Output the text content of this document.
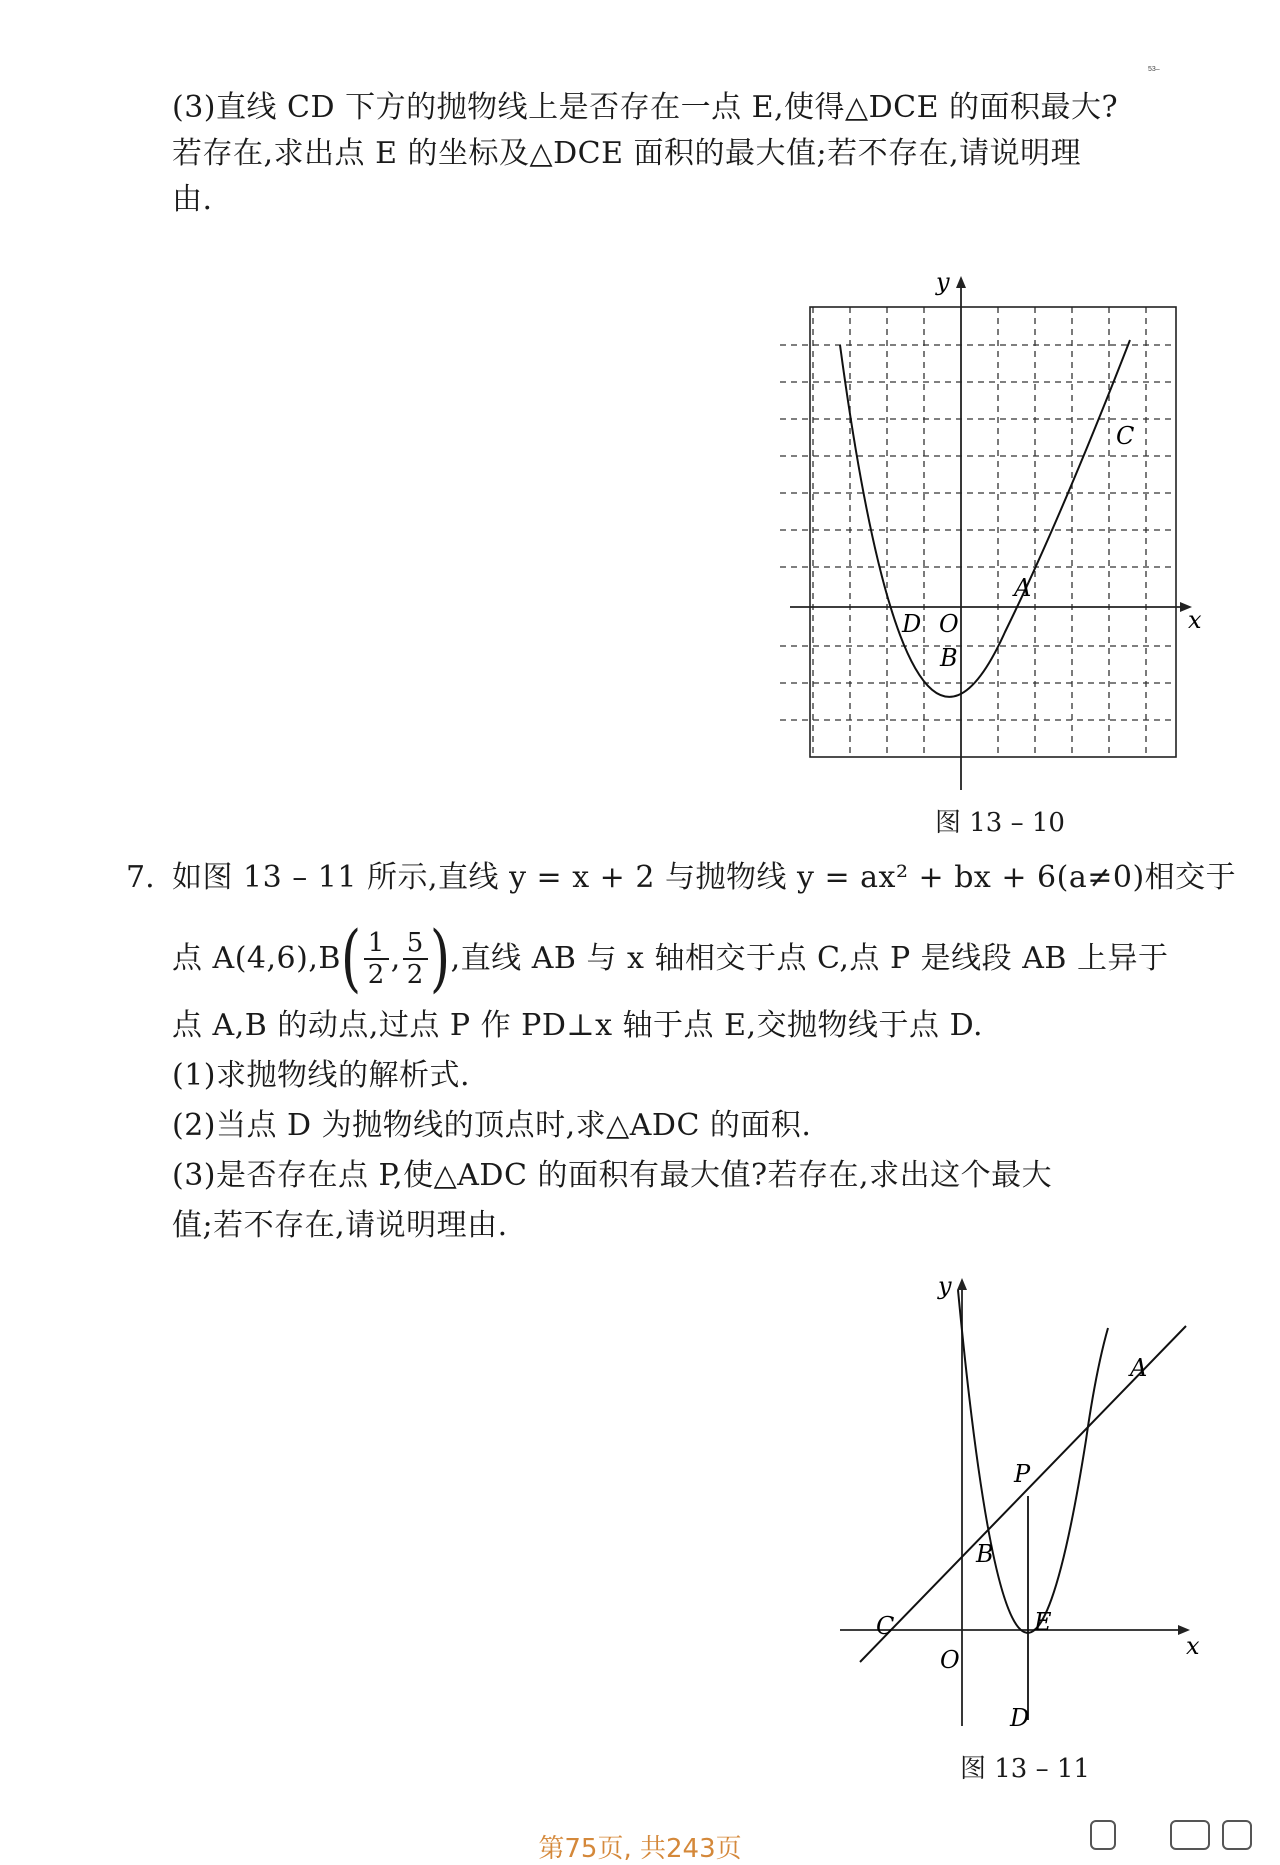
53–
(3)直线 CD 下方的抛物线上是否存在一点 E,使得△DCE 的面积最大?
若存在,求出点 E 的坐标及△DCE 面积的最大值;若不存在,请说明理
由.
y
x
C
A
D O
B
图 13 – 10
7. 如图 13 – 11 所示,直线 y = x + 2 与抛物线 y = ax² + bx + 6(a≠0)相交于
点 A(4,6),B ( $\frac{1}{2}$ , $\frac{5}{2}$ ) ,直线 AB 与 x 轴相交于点 C,点 P 是线段 AB 上异于
点 A,B 的动点,过点 P 作 PD⊥x 轴于点 E,交抛物线于点 D.
(1)求抛物线的解析式.
(2)当点 D 为抛物线的顶点时,求△ADC 的面积.
(3)是否存在点 P,使△ADC 的面积有最大值?若存在,求出这个最大
值;若不存在,请说明理由.
y
x
A
P
B
C
O
E
D
图 13 – 11
第75页, 共243页
